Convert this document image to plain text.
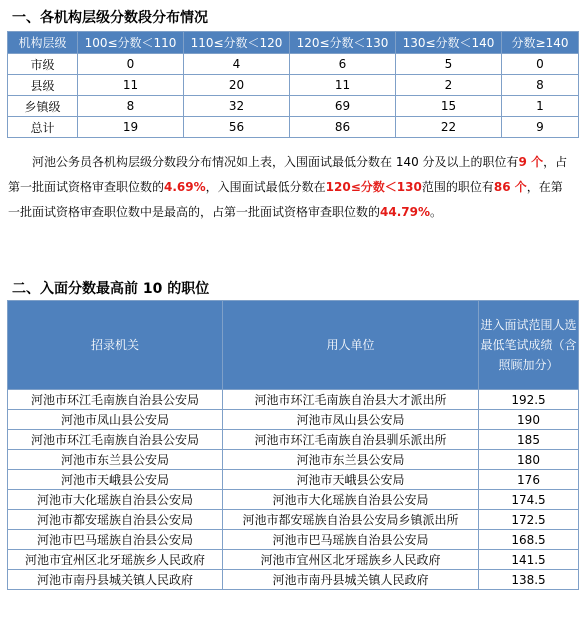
一、各机构层级分数段分布情况
机构层级	100≤分数＜110	110≤分数＜120	120≤分数＜130	130≤分数＜140	分数≥140
市级	0	4	6	5	0
县级	11	20	11	2	8
乡镇级	8	32	69	15	1
总计	19	56	86	22	9

河池公务员各机构层级分数段分布情况如上表，入围面试最低分数在 140 分及以上的职位有9 个，占第一批面试资格审查职位数的4.69%，入围面试最低分数在120≤分数＜130范围的职位有86 个，在第一批面试资格审查职位数中是最高的，占第一批面试资格审查职位数的44.79%。

二、入面分数最高前 10 的职位
招录机关	用人单位	进入面试范围人选最低笔试成绩（含照顾加分）
河池市环江毛南族自治县公安局	河池市环江毛南族自治县大才派出所	192.5
河池市凤山县公安局	河池市凤山县公安局	190
河池市环江毛南族自治县公安局	河池市环江毛南族自治县驯乐派出所	185
河池市东兰县公安局	河池市东兰县公安局	180
河池市天峨县公安局	河池市天峨县公安局	176
河池市大化瑶族自治县公安局	河池市大化瑶族自治县公安局	174.5
河池市都安瑶族自治县公安局	河池市都安瑶族自治县公安局乡镇派出所	172.5
河池市巴马瑶族自治县公安局	河池市巴马瑶族自治县公安局	168.5
河池市宜州区北牙瑶族乡人民政府	河池市宜州区北牙瑶族乡人民政府	141.5
河池市南丹县城关镇人民政府	河池市南丹县城关镇人民政府	138.5
